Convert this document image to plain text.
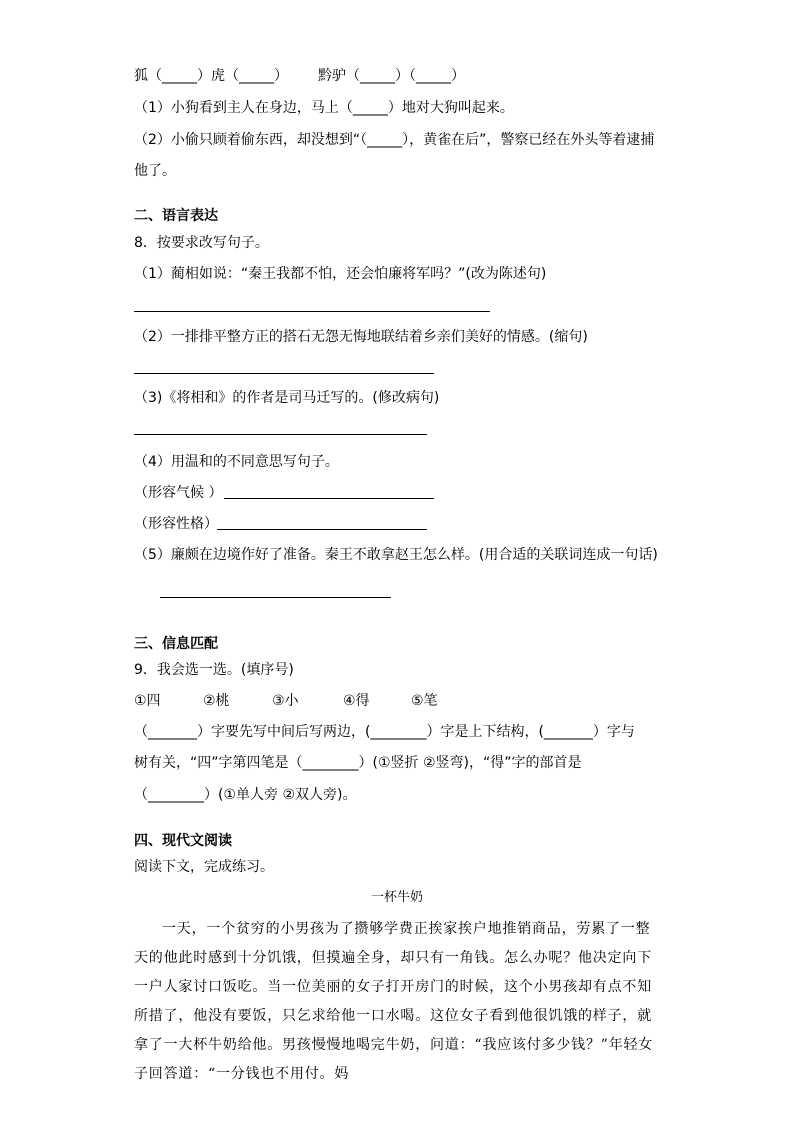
狐（_____）虎（_____） 黔驴（_____）（_____）
（1）小狗看到主人在身边，马上（_____）地对大狗叫起来。
（2）小偷只顾着偷东西，却没想到“（_____），黄雀在后”，警察已经在外头等着逮捕
他了。
二、语言表达
8．按要求改写句子。
（1）蔺相如说：“秦王我都不怕，还会怕廉将军吗？”(改为陈述句)
（2）一排排平整方正的搭石无怨无悔地联结着乡亲们美好的情感。(缩句)
（3)《将相和》的作者是司马迁写的。(修改病句)
（4）用温和的不同意思写句子。
（形容气候 ）
（形容性格）
（5）廉颇在边境作好了准备。秦王不敢拿赵王怎么样。(用合适的关联词连成一句话)
三、信息匹配
9．我会选一选。(填序号)
①四	②桃	③小	④得	⑤笔
（_______）字要先写中间后写两边，(________）字是上下结构，(_______）字与
树有关，“四”字第四笔是（________）(①竖折 ②竖弯)，“得”字的部首是
（________）(①单人旁 ②双人旁)。
四、现代文阅读
阅读下文，完成练习。
一杯牛奶
一天，一个贫穷的小男孩为了攒够学费正挨家挨户地推销商品，劳累了一整天的他此时感到十分饥饿，但摸遍全身，却只有一角钱。怎么办呢？他决定向下一户人家讨口饭吃。当一位美丽的女子打开房门的时候，这个小男孩却有点不知所措了，他没有要饭，只乞求给他一口水喝。这位女子看到他很饥饿的样子，就拿了一大杯牛奶给他。男孩慢慢地喝完牛奶，问道：“我应该付多少钱？”年轻女子回答道：“一分钱也不用付。妈
